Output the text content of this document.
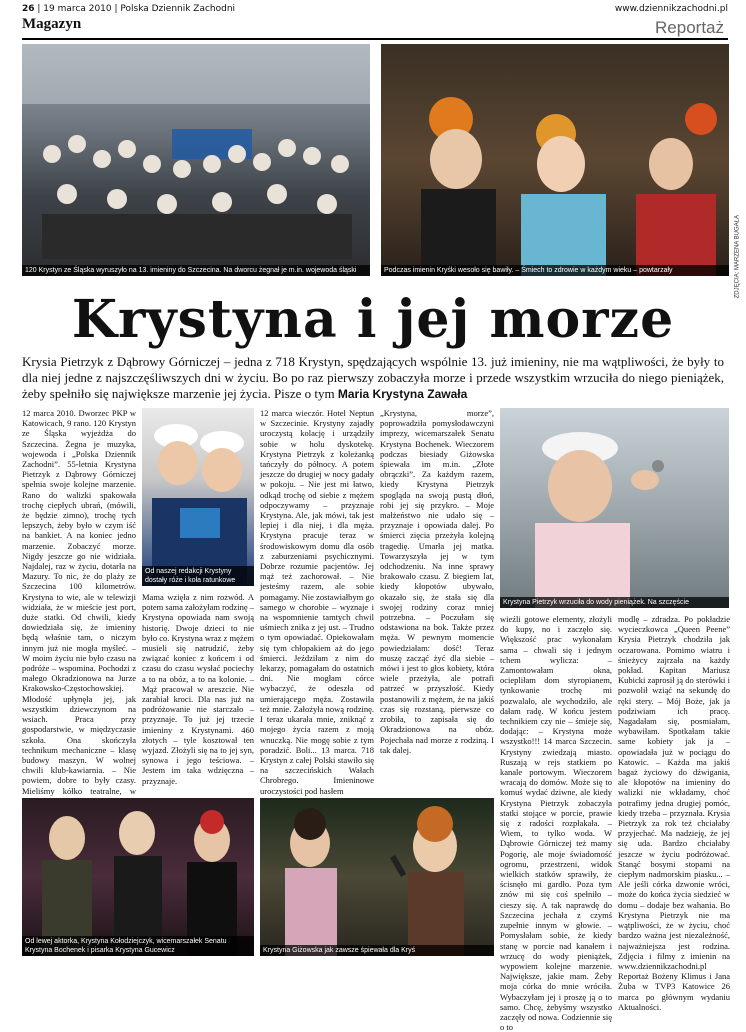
26 | 19 marca 2010 | Polska Dziennik Zachodni	www.dziennikzachodni.pl
Magazyn	Reportaż
120 Krystyn ze Śląska wyruszyło na 13. imieniny do Szczecina. Na dworcu żegnał je m.in. wojewoda śląski	Podczas imienin Kryśki wesoło się bawiły. – Śmiech to zdrowie w każdym wieku – powtarzały	ZDJĘCIA: MARZENA BUGAŁA
Krystyna i jej morze
Krysia Pietrzyk z Dąbrowy Górniczej – jedna z 718 Krystyn, spędzających wspólnie 13. już imieniny, nie ma wątpliwości, że były to dla niej jedne z najszczęśliwszych dni w życiu. Bo po raz pierwszy zobaczyła morze i przede wszystkim wrzuciła do niego pieniążek, żeby spełniło się największe marzenie jej życia. Pisze o tym Maria Krystyna Zawała
12 marca 2010. Dworzec PKP w Katowicach, 9 rano. 120 Krystyn ze Śląska wyjeżdża do Szczecina. Żegna je muzyka, wojewoda i „Polska Dziennik Zachodni”. 55-letnia Krystyna Pietrzyk z Dąbrowy Górniczej spełnia swoje kolejne marzenie. Rano do walizki spakowała trochę ciepłych ubrań, (mówili, że będzie zimno), trochę tych lepszych, żeby było w czym iść na bankiet. A na koniec jedno marzenie. Zobaczyć morze. Nigdy jeszcze go nie widziała. Najdalej, raz w życiu, dotarła na Mazury. To nic, że do plaży ze Szczecina 100 kilometrów. Krystyna to wie, ale w telewizji widziała, że w mieście jest port, duże statki. Od chwili, kiedy dowiedziała się, że imieniny będą właśnie tam, o niczym innym już nie mogła myśleć. – W moim życiu nie było czasu na podróże – wspomina. Pochodzi z małego Okradzionowa na Jurze Krakowsko-Częstochowskiej. Młodość upłynęła jej, jak wszystkim dziewczynom na wsiach. Praca przy gospodarstwie, w międzyczasie szkoła. Ona skończyła technikum mechaniczne – klasę budowy maszyn. W wolnej chwili klub-kawiarnia. – Nie powiem, dobre to były czasy. Mieliśmy kółko teatralne, w
Od naszej redakcji Krystyny dostały róże i koła ratunkowe
Mama wzięła z nim rozwód. A potem sama założyłam rodzinę – Krystyna opowiada nam swoją historię. Dwoje dzieci to nie było co. Krystyna wraz z mężem musieli się natrudzić, żeby związać koniec z końcem i od czasu do czasu wysłać pociechy a to na obóz, a to na kolonie. – Mąż pracował w areszcie. Nie zarabiał kroci. Dla nas już na podróżowanie nie starczało – przyznaje. To już jej trzecie imieniny z Krystynami. 460 złotych – tyle kosztował ten wyjazd. Złożyli się na to jej syn, synowa i jego teściowa. – Jestem im taka wdzięczna – przyznaje.
12 marca wieczór. Hotel Neptun w Szczecinie. Krystyny zajadły uroczystą kolację i urządziły sobie w holu dyskotekę. Krystyna Pietrzyk z koleżanką tańczyły do północy. A potem jeszcze do drugiej w nocy gadały w pokoju. – Nie jest mi łatwo, odkąd trochę od siebie z mężem odpoczywamy – przyznaje Krystyna. Ale, jak mówi, tak jest lepiej i dla niej, i dla męża. Krystyna pracuje teraz w środowiskowym domu dla osób z zaburzeniami psychicznymi. Dobrze rozumie pacjentów. Jej mąż też zachorował. – Nie jesteśmy razem, ale sobie pomagamy. Nie zostawiałbym go samego w chorobie – wyznaje i na wspomnienie tamtych chwil uśmiech znika z jej ust. – Trudno o tym opowiadać. Opiekowałam się tym chłopakiem aż do jego śmierci. Jeździłam z nim do lekarzy, pomagałam do ostatnich dni. Nie mogłam córce wybaczyć, że odeszła od umierającego męża. Zostawiła też mnie. Założyła nową rodzinę. I teraz ukarała mnie, zniknąć z mojego życia razem z moją wnuczką. Nie mogę sobie z tym poradzić. Boli... 13 marca. 718 Krystyn z całej Polski stawiło się na szczecińskich Wałach Chrobrego. Imieninowe uroczystości pod hasłem
„Krystyna, morze”, poprowadziła pomysłodawczyni imprezy, wicemarszałek Senatu Krystyna Bochenek. Wieczorem podczas biesiady Giżowska śpiewała im m.in. „Złote obrączki”. Za każdym razem, kiedy Krystyna Pietrzyk spogląda na swoją pustą dłoń, robi jej się przykro. – Moje małżeństwo nie udało się – przyznaje i opowiada dalej. Po śmierci zięcia przeżyła kolejną tragedię. Umarła jej matka. Towarzyszyła jej w tym odchodzeniu. Na inne sprawy brakowało czasu. Z biegiem lat, kiedy kłopotów ubywało, okazało się, że stała się dla swojej rodziny coraz mniej potrzebna. – Poczułam się odstawiona na bok. Także przez męża. W pewnym momencie powiedziałam: dość! Teraz muszę zacząć żyć dla siebie – mówi i jest to głos kobiety, która wiele przeżyła, ale potrafi patrzeć w przyszłość. Kiedy postanowili z mężem, że na jakiś czas się rozstaną, pierwsze co zrobiła, to zapisała się do Okradzionowa na obóz. Pojechała nad morze z rodziną. I tak dalej.
Krystyna Pietrzyk wrzuciła do wody pieniążek. Na szczęście
wieźli gotowe elementy, złożyli do kupy, no i zaczęło się. Większość prac wykonałam sama – chwali się i jednym tchem wylicza: – Zamontowałam okna, ociepliłam dom styropianem, tynkowanie trochę mi pozwalało, ale wychodziło, ale dałam radę. W końcu jestem technikiem czy nie – śmieje się, dodając: – Krystyna może wszystko!!! 14 marca Szczecin. Krystyny zwiedzają miasto. Ruszają w rejs statkiem po kanale portowym. Wieczorem wracają do domów. Może się to komuś wydać dziwne, ale kiedy Krystyna Pietrzyk zobaczyła statki stojące w porcie, prawie się z radości rozpłakała. – Wiem, to tylko woda. W Dąbrowie Górniczej też mamy Pogorię, ale moje świadomość ogromu, przestrzeni, widok wielkich statków sprawiły, że ścisnęło mi gardło. Poza tym znów mi się coś spełniło – cieszy się. A tak naprawdę do Szczecina jechała z czymś zupełnie innym w głowie. – Pomysłałam sobie, że kiedy stanę w porcie nad kanałem i wrzucę do wody pieniążek, wypowiem kolejne marzenie. Największe, jakie mam. Żeby moja córka do mnie wróciła. Wybaczyłam jej i proszę ją o to samo. Chcę, żebyśmy wszystko zaczęły od nowa. Codziennie się o to
modlę – zdradza. Po pokładzie wycieczkowca „Queen Peene” Krysia Pietrzyk chodziła jak oczarowana. Pomimo wiatru i śnieżycy zajrzała na każdy pokład. Kapitan Mariusz Kubicki zaprosił ją do sterówki i pozwolił wziąć na sekundę do ręki stery. – Mój Boże, jak ja podziwiam ich pracę. Nagadałam się, posmiałam, wybawiłam. Spotkałam takie same kobiety jak ja – opowiadała już w pociągu do Katowic. – Każda ma jakiś bagaż życiowy do dźwigania, ale kłopotów na imieniny do walizki nie wkładamy, choć potrafimy jedna drugiej pomóc, kiedy trzeba – przyznała. Krysia Pietrzyk za rok też chciałaby przyjechać. Ma nadzieję, że jej się uda. Bardzo chciałaby jeszcze w życiu podróżować. Stanąć bosymi stopami na ciepłym nadmorskim piasku... – Ale jeśli córka dzwonie wróci, może do końca życia siedzieć w domu – dodaje bez wahania. Bo Krystyna Pietrzyk nie ma wątpliwości, że w życiu, choć bardzo ważna jest niezależność, najważniejsza jest rodzina. Zdjęcia i filmy z imienin na www.dziennikzachodni.pl Reportaż Bożeny Klimus i Jana Żuba w TVP3 Katowice 26 marca po głównym wydaniu Aktualności.
Od lewej aktorka, Krystyna Kołodziejczyk, wicemarszałek Senatu Krystyna Bochenek i pisarka Krystyna Gucewicz	Krystyna Giżowska jak zawsze śpiewała dla Kryś
